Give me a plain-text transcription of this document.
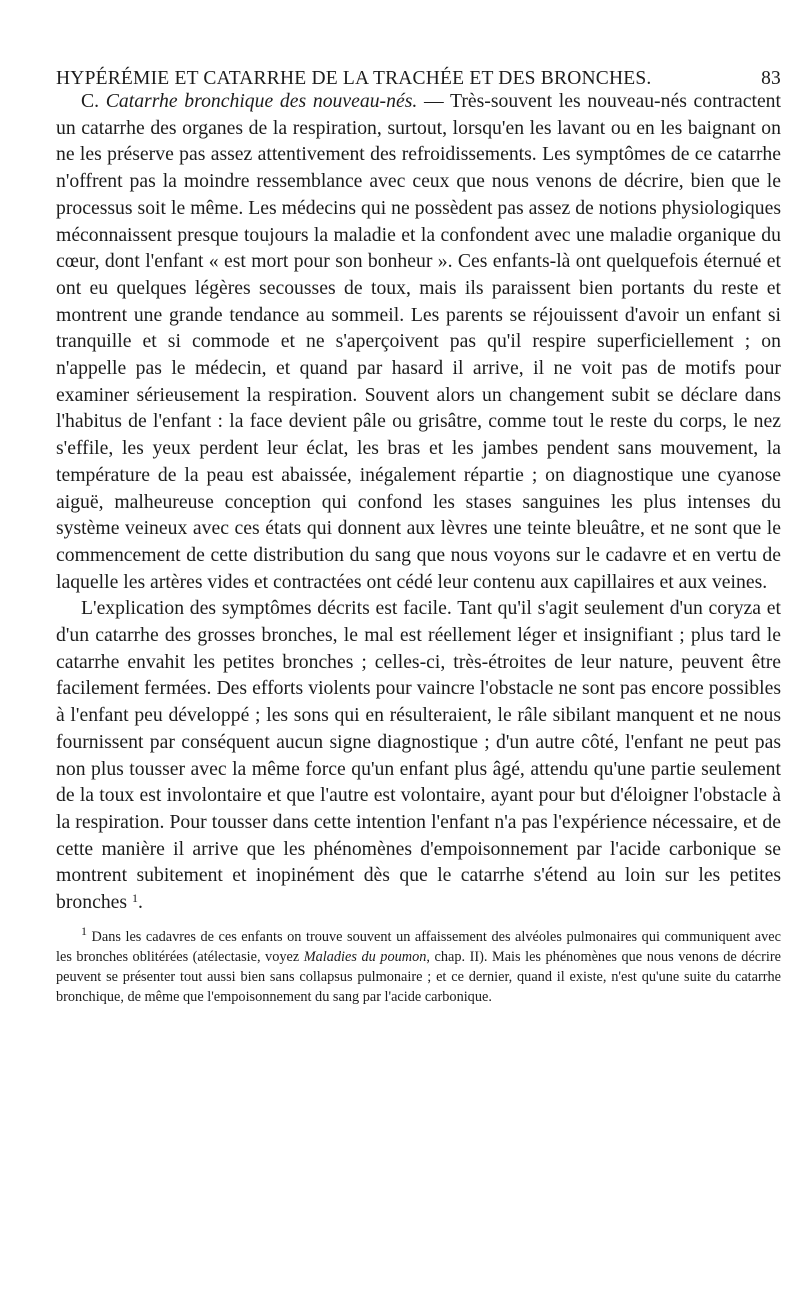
HYPÉRÉMIE ET CATARRHE DE LA TRACHÉE ET DES BRONCHES.	83

C. Catarrhe bronchique des nouveau-nés. — Très-souvent les nouveau-nés contractent un catarrhe des organes de la respiration, surtout, lorsqu'en les lavant ou en les baignant on ne les préserve pas assez attentivement des refroidissements. Les symptômes de ce catarrhe n'offrent pas la moindre ressemblance avec ceux que nous venons de décrire, bien que le processus soit le même. Les médecins qui ne possèdent pas assez de notions physiologiques méconnaissent presque toujours la maladie et la confondent avec une maladie organique du cœur, dont l'enfant « est mort pour son bonheur ». Ces enfants-là ont quelquefois éternué et ont eu quelques légères secousses de toux, mais ils paraissent bien portants du reste et montrent une grande tendance au sommeil. Les parents se réjouissent d'avoir un enfant si tranquille et si commode et ne s'aperçoivent pas qu'il respire superficiellement ; on n'appelle pas le médecin, et quand par hasard il arrive, il ne voit pas de motifs pour examiner sérieusement la respiration. Souvent alors un changement subit se déclare dans l'habitus de l'enfant : la face devient pâle ou grisâtre, comme tout le reste du corps, le nez s'effile, les yeux perdent leur éclat, les bras et les jambes pendent sans mouvement, la température de la peau est abaissée, inégalement répartie ; on diagnostique une cyanose aiguë, malheureuse conception qui confond les stases sanguines les plus intenses du système veineux avec ces états qui donnent aux lèvres une teinte bleuâtre, et ne sont que le commencement de cette distribution du sang que nous voyons sur le cadavre et en vertu de laquelle les artères vides et contractées ont cédé leur contenu aux capillaires et aux veines.

L'explication des symptômes décrits est facile. Tant qu'il s'agit seulement d'un coryza et d'un catarrhe des grosses bronches, le mal est réellement léger et insignifiant ; plus tard le catarrhe envahit les petites bronches ; celles-ci, très-étroites de leur nature, peuvent être facilement fermées. Des efforts violents pour vaincre l'obstacle ne sont pas encore possibles à l'enfant peu développé ; les sons qui en résulteraient, le râle sibilant manquent et ne nous fournissent par conséquent aucun signe diagnostique ; d'un autre côté, l'enfant ne peut pas non plus tousser avec la même force qu'un enfant plus âgé, attendu qu'une partie seulement de la toux est involontaire et que l'autre est volontaire, ayant pour but d'éloigner l'obstacle à la respiration. Pour tousser dans cette intention l'enfant n'a pas l'expérience nécessaire, et de cette manière il arrive que les phénomènes d'empoisonnement par l'acide carbonique se montrent subitement et inopinément dès que le catarrhe s'étend au loin sur les petites bronches $^1$.

$^1$ Dans les cadavres de ces enfants on trouve souvent un affaissement des alvéoles pulmonaires qui communiquent avec les bronches oblitérées (atélectasie, voyez Maladies du poumon, chap. II). Mais les phénomènes que nous venons de décrire peuvent se présenter tout aussi bien sans collapsus pulmonaire ; et ce dernier, quand il existe, n'est qu'une suite du catarrhe bronchique, de même que l'empoisonnement du sang par l'acide carbonique.
